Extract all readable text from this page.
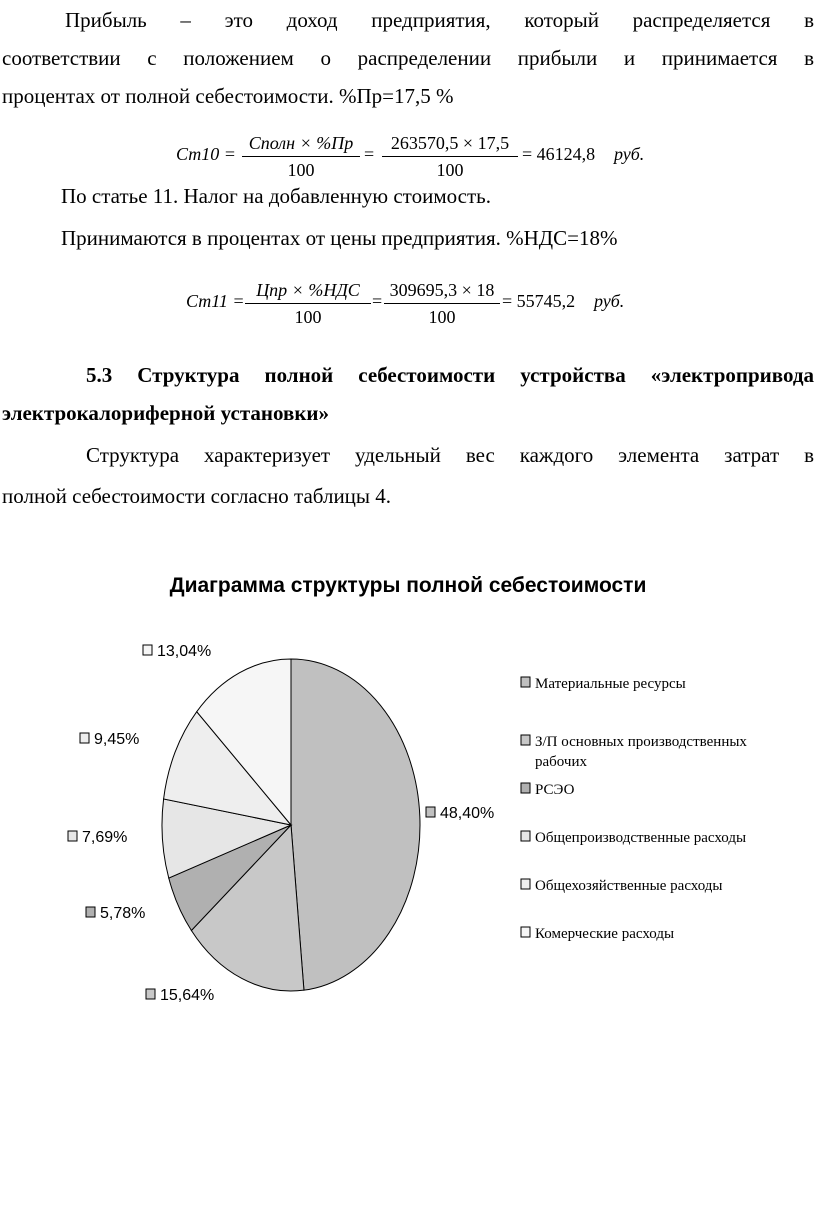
Прибыль – это доход предприятия, который распределяется в
соответствии с положением о распределении прибыли и принимается в
процентах от полной себестоимости. %Пр=17,5 %
Ст10 =
Сполн × %Пр
100
=
263570,5 × 17,5
100
= 46124,8 руб.
По статье 11. Налог на добавленную стоимость.
Принимаются в процентах от цены предприятия. %НДС=18%
Ст11 =
Цпр × %НДС
100
=
309695,3 × 18
100
= 55745,2 руб.
5.3 Структура полной себестоимости устройства «электропривода
электрокалориферной установки»
Структура характеризует удельный вес каждого элемента затрат в
полной себестоимости согласно таблицы 4.
Диаграмма структуры полной себестоимости
48,40%
15,64%
5,78%
7,69%
9,45%
13,04%
Материальные ресурсы
З/П основных производственных рабочих
РСЭО
Общепроизводственные расходы
Общехозяйственные расходы
Комерческие расходы
